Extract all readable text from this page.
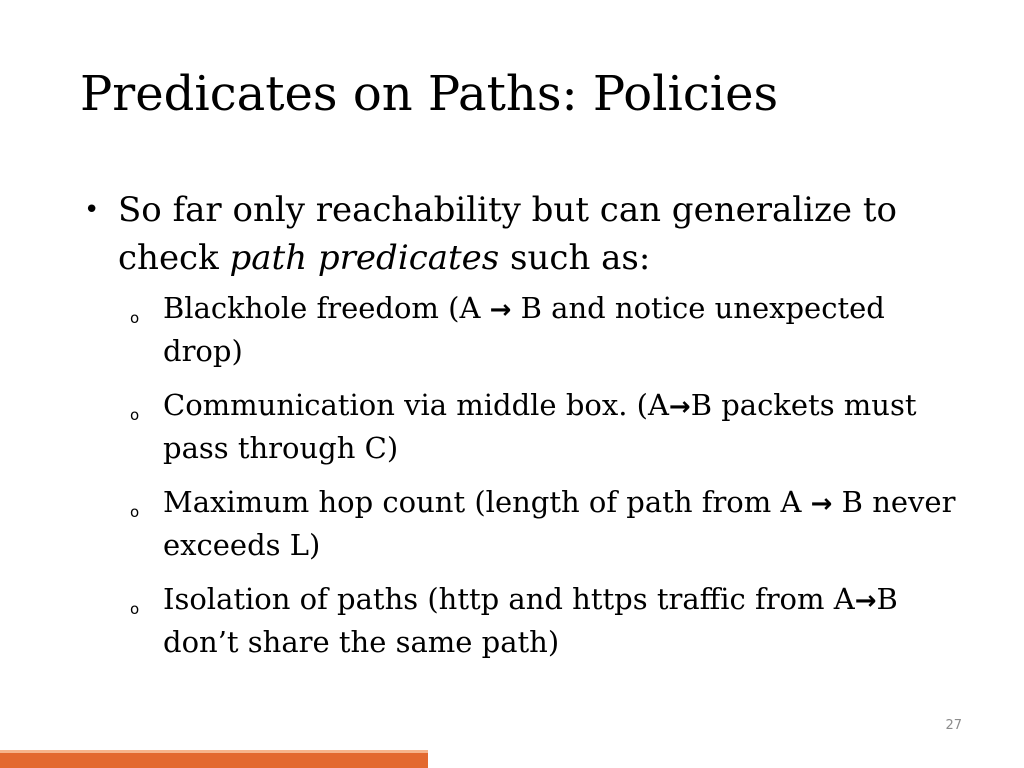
Predicates on Paths: Policies
• So far only reachability but can generalize to check path predicates such as:
o Blackhole freedom (A → B and notice unexpected drop)
o Communication via middle box. (A→B packets must pass through C)
o Maximum hop count (length of path from A → B never exceeds L)
o Isolation of paths (http and https traffic from A→B don’t share the same path)
27
